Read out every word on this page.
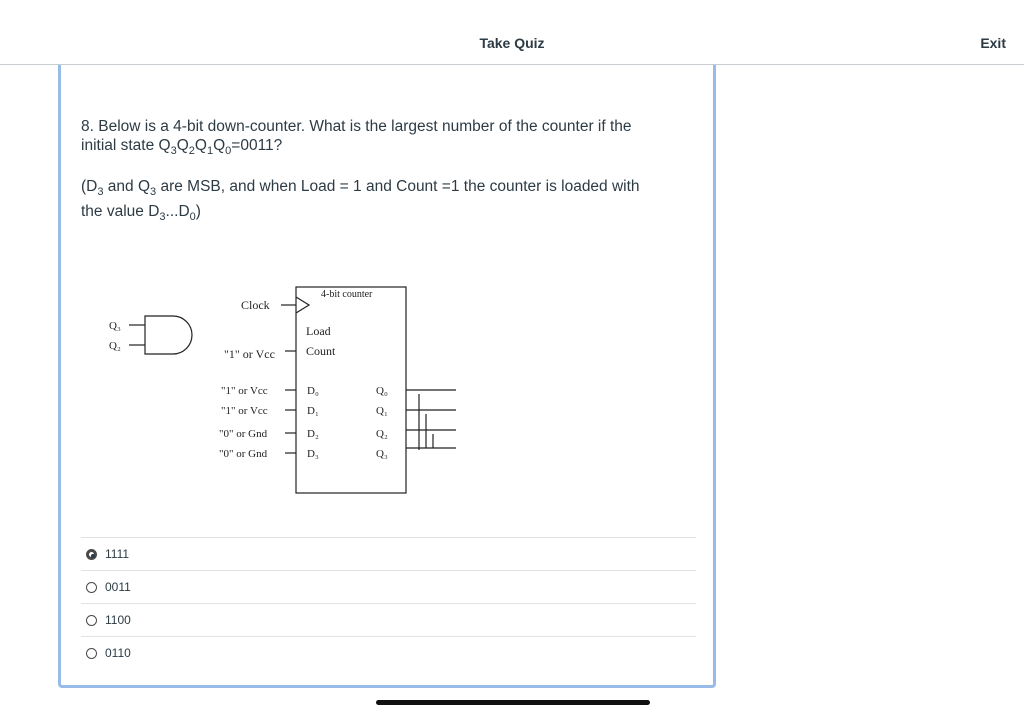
Take Quiz	Exit

8. Below is a 4-bit down-counter. What is the largest number of the counter if the
initial state $Q_3Q_2Q_1Q_0=0011$?

($D_3$ and $Q_3$ are MSB, and when Load = 1 and Count =1 the counter is loaded with
the value $D_3...D_0$)

4-bit counter
Clock
Q₃
Q₂
Load
Count
"1" or Vcc
"1" or Vcc
"1" or Vcc
"0" or Gnd
"0" or Gnd
D₀
D₁
D₂
D₃
Q₀
Q₁
Q₂
Q₃
1111
0011
1100
0110
